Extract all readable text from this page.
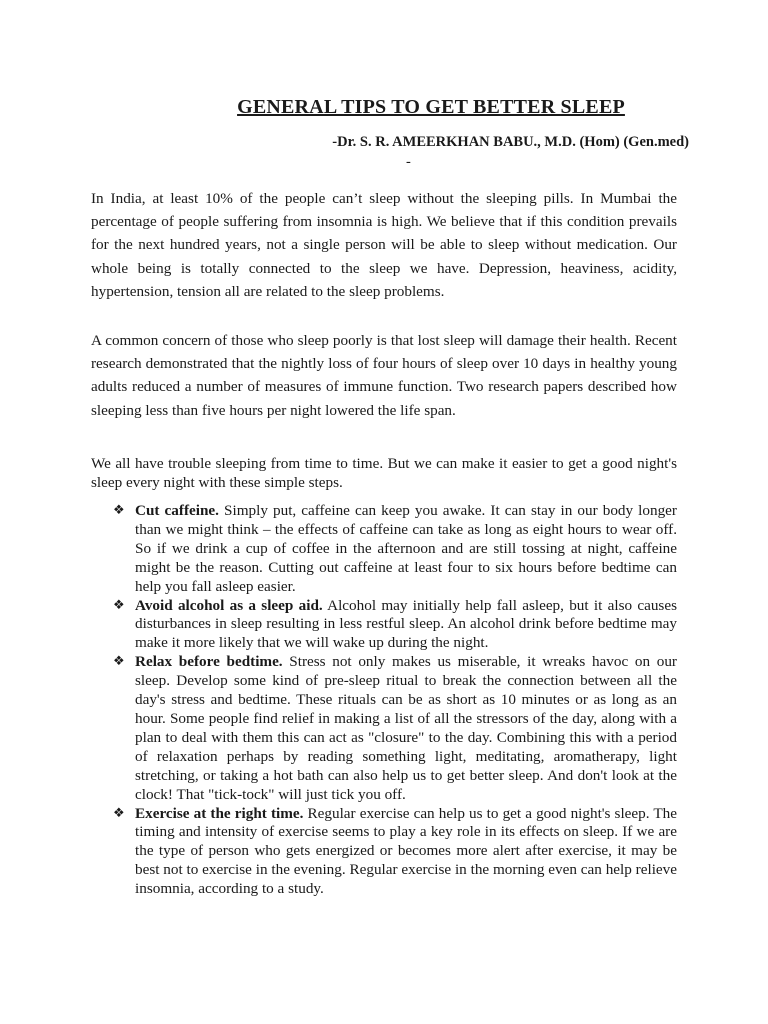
GENERAL TIPS TO GET BETTER SLEEP
-Dr. S. R. AMEERKHAN BABU., M.D. (Hom) (Gen.med)
-

In India, at least 10% of the people can’t sleep without the sleeping pills. In Mumbai the percentage of people suffering from insomnia is high. We believe that if this condition prevails for the next hundred years, not a single person will be able to sleep without medication. Our whole being is totally connected to the sleep we have. Depression, heaviness, acidity, hypertension, tension all are related to the sleep problems.

A common concern of those who sleep poorly is that lost sleep will damage their health. Recent research demonstrated that the nightly loss of four hours of sleep over 10 days in healthy young adults reduced a number of measures of immune function. Two research papers described how sleeping less than five hours per night lowered the life span.

We all have trouble sleeping from time to time. But we can make it easier to get a good night's sleep every night with these simple steps.

❖ Cut caffeine. Simply put, caffeine can keep you awake. It can stay in our body longer than we might think – the effects of caffeine can take as long as eight hours to wear off. So if we drink a cup of coffee in the afternoon and are still tossing at night, caffeine might be the reason. Cutting out caffeine at least four to six hours before bedtime can help you fall asleep easier.
❖ Avoid alcohol as a sleep aid. Alcohol may initially help fall asleep, but it also causes disturbances in sleep resulting in less restful sleep. An alcohol drink before bedtime may make it more likely that we will wake up during the night.
❖ Relax before bedtime. Stress not only makes us miserable, it wreaks havoc on our sleep. Develop some kind of pre-sleep ritual to break the connection between all the day's stress and bedtime. These rituals can be as short as 10 minutes or as long as an hour. Some people find relief in making a list of all the stressors of the day, along with a plan to deal with them this can act as "closure" to the day. Combining this with a period of relaxation perhaps by reading something light, meditating, aromatherapy, light stretching, or taking a hot bath can also help us to get better sleep. And don't look at the clock! That "tick-tock" will just tick you off.
❖ Exercise at the right time. Regular exercise can help us to get a good night's sleep. The timing and intensity of exercise seems to play a key role in its effects on sleep. If we are the type of person who gets energized or becomes more alert after exercise, it may be best not to exercise in the evening. Regular exercise in the morning even can help relieve insomnia, according to a study.
